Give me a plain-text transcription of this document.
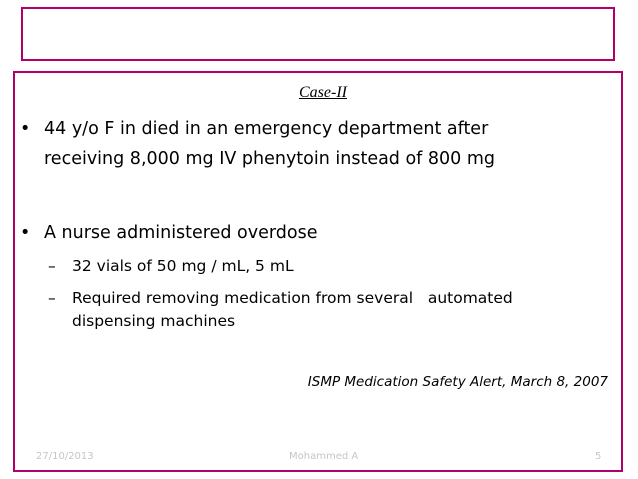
Case-II
• 44 y/o F in died in an emergency department after
receiving 8,000 mg IV phenytoin instead of 800 mg
• A nurse administered overdose
– 32 vials of 50 mg / mL, 5 mL
– Required removing medication from several   automated
dispensing machines
ISMP Medication Safety Alert, March 8, 2007
27/10/2013	Mohammed A	5
